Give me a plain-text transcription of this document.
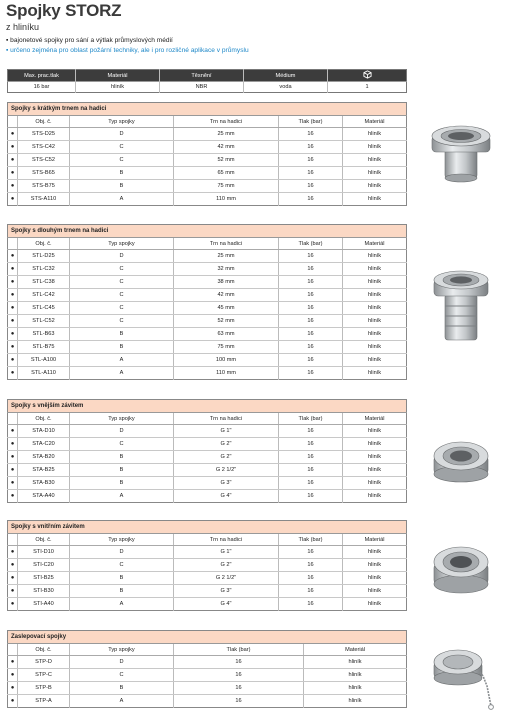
Spojky STORZ
z hliníku
▪ bajonetové spojky pro sání a výtlak průmyslových médií
▪ určeno zejména pro oblast požární techniky, ale i pro rozličné aplikace v průmyslu
Max. prac.tlak	Materiál	Těsnění	Médium	
16 bar	hliník	NBR	voda	1
Spojky s krátkým trnem na hadici					
	Obj. č.	Typ spojky	Trn na hadici	Tlak (bar)	Materiál
●	STS-D25	D	25 mm	16	hliník
●	STS-C42	C	42 mm	16	hliník
●	STS-C52	C	52 mm	16	hliník
●	STS-B65	B	65 mm	16	hliník
●	STS-B75	B	75 mm	16	hliník
●	STS-A110	A	110 mm	16	hliník
Spojky s dlouhým trnem na hadici					
	Obj. č.	Typ spojky	Trn na hadici	Tlak (bar)	Materiál
●	STL-D25	D	25 mm	16	hliník
●	STL-C32	C	32 mm	16	hliník
●	STL-C38	C	38 mm	16	hliník
●	STL-C42	C	42 mm	16	hliník
●	STL-C45	C	45 mm	16	hliník
●	STL-C52	C	52 mm	16	hliník
●	STL-B63	B	63 mm	16	hliník
●	STL-B75	B	75 mm	16	hliník
●	STL-A100	A	100 mm	16	hliník
●	STL-A110	A	110 mm	16	hliník
Spojky s vnějším závitem					
	Obj. č.	Typ spojky	Trn na hadici	Tlak (bar)	Materiál
●	STA-D10	D	G 1"	16	hliník
●	STA-C20	C	G 2"	16	hliník
●	STA-B20	B	G 2"	16	hliník
●	STA-B25	B	G 2 1/2"	16	hliník
●	STA-B30	B	G 3"	16	hliník
●	STA-A40	A	G 4"	16	hliník
Spojky s vnitřním závitem					
	Obj. č.	Typ spojky	Trn na hadici	Tlak (bar)	Materiál
●	STI-D10	D	G 1"	16	hliník
●	STI-C20	C	G 2"	16	hliník
●	STI-B25	B	G 2 1/2"	16	hliník
●	STI-B30	B	G 3"	16	hliník
●	STI-A40	A	G 4"	16	hliník
Zaslepovací spojky				
	Obj. č.	Typ spojky	Tlak (bar)	Materiál
●	STP-D	D	16	hliník
●	STP-C	C	16	hliník
●	STP-B	B	16	hliník
●	STP-A	A	16	hliník
